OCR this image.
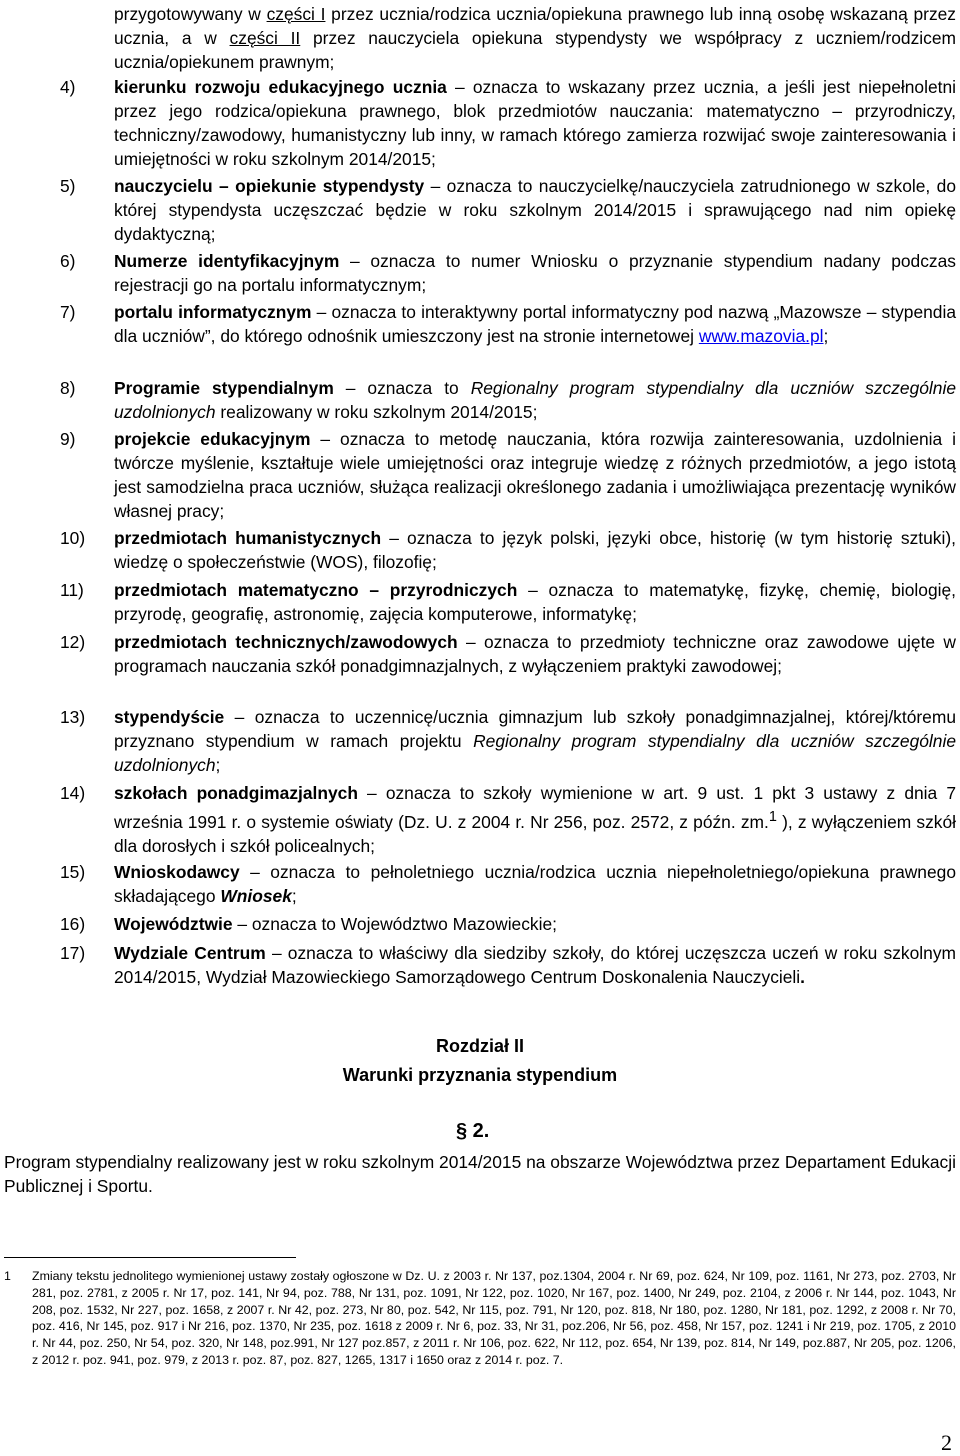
przygotowywany w części I przez ucznia/rodzica ucznia/opiekuna prawnego lub inną osobę wskazaną przez ucznia, a w części II przez nauczyciela opiekuna stypendysty we współpracy z uczniem/rodzicem ucznia/opiekunem prawnym;
4)	kierunku rozwoju edukacyjnego ucznia – oznacza to wskazany przez ucznia, a jeśli jest niepełnoletni przez jego rodzica/opiekuna prawnego, blok przedmiotów nauczania: matematyczno – przyrodniczy, techniczny/zawodowy, humanistyczny lub inny, w ramach którego zamierza rozwijać swoje zainteresowania i umiejętności w roku szkolnym 2014/2015;
5)	nauczycielu – opiekunie stypendysty – oznacza to nauczycielkę/nauczyciela zatrudnionego w szkole, do której stypendysta uczęszczać będzie w roku szkolnym 2014/2015 i sprawującego nad nim opiekę dydaktyczną;
6)	Numerze identyfikacyjnym – oznacza to numer Wniosku o przyznanie stypendium nadany podczas rejestracji go na portalu informatycznym;
7)	portalu informatycznym – oznacza to interaktywny portal informatyczny pod nazwą „Mazowsze – stypendia dla uczniów”, do którego odnośnik umieszczony jest na stronie internetowej www.mazovia.pl;
8)	Programie stypendialnym – oznacza to Regionalny program stypendialny dla uczniów szczególnie uzdolnionych realizowany w roku szkolnym 2014/2015;
9)	projekcie edukacyjnym – oznacza to metodę nauczania, która rozwija zainteresowania, uzdolnienia i twórcze myślenie, kształtuje wiele umiejętności oraz integruje wiedzę z różnych przedmiotów, a jego istotą jest samodzielna praca uczniów, służąca realizacji określonego zadania i umożliwiająca prezentację wyników własnej pracy;
10)	przedmiotach humanistycznych – oznacza to język polski, języki obce, historię (w tym historię sztuki), wiedzę o społeczeństwie (WOS), filozofię;
11)	przedmiotach matematyczno – przyrodniczych – oznacza to matematykę, fizykę, chemię, biologię, przyrodę, geografię, astronomię, zajęcia komputerowe, informatykę;
12)	przedmiotach technicznych/zawodowych – oznacza to przedmioty techniczne oraz zawodowe ujęte w programach nauczania szkół ponadgimnazjalnych, z wyłączeniem praktyki zawodowej;
13)	stypendyście – oznacza to uczennicę/ucznia gimnazjum lub szkoły ponadgimnazjalnej, której/któremu przyznano stypendium w ramach projektu Regionalny program stypendialny dla uczniów szczególnie uzdolnionych;
14)	szkołach ponadgimazjalnych – oznacza to szkoły wymienione w art. 9 ust. 1 pkt 3 ustawy z dnia 7 września 1991 r. o systemie oświaty (Dz. U. z 2004 r. Nr 256, poz. 2572, z późn. zm.$^1$ ), z wyłączeniem szkół dla dorosłych i szkół policealnych;
15)	Wnioskodawcy – oznacza to pełnoletniego ucznia/rodzica ucznia niepełnoletniego/opiekuna prawnego składającego Wniosek;
16)	Województwie – oznacza to Województwo Mazowieckie;
17)	Wydziale Centrum – oznacza to właściwy dla siedziby szkoły, do której uczęszcza uczeń w roku szkolnym 2014/2015, Wydział Mazowieckiego Samorządowego Centrum Doskonalenia Nauczycieli.
Rozdział II
Warunki przyznania stypendium
§ 2.
Program stypendialny realizowany jest w roku szkolnym 2014/2015 na obszarze Województwa przez Departament Edukacji Publicznej i Sportu.
1 Zmiany tekstu jednolitego wymienionej ustawy zostały ogłoszone w Dz. U. z 2003 r. Nr 137, poz.1304, 2004 r. Nr 69, poz. 624, Nr 109, poz. 1161, Nr 273, poz. 2703, Nr 281, poz. 2781, z 2005 r. Nr 17, poz. 141, Nr 94, poz. 788, Nr 131, poz. 1091, Nr 122, poz. 1020, Nr 167, poz. 1400, Nr 249, poz. 2104, z 2006 r. Nr 144, poz. 1043, Nr 208, poz. 1532, Nr 227, poz. 1658, z 2007 r. Nr 42, poz. 273, Nr 80, poz. 542, Nr 115, poz. 791, Nr 120, poz. 818, Nr 180, poz. 1280, Nr 181, poz. 1292, z 2008 r. Nr 70, poz. 416, Nr 145, poz. 917 i Nr 216, poz. 1370, Nr 235, poz. 1618 z 2009 r. Nr 6, poz. 33, Nr 31, poz.206, Nr 56, poz. 458, Nr 157, poz. 1241 i Nr 219, poz. 1705, z 2010 r. Nr 44, poz. 250, Nr 54, poz. 320, Nr 148, poz.991, Nr 127 poz.857, z 2011 r. Nr 106, poz. 622, Nr 112, poz. 654, Nr 139, poz. 814, Nr 149, poz.887, Nr 205, poz. 1206, z 2012 r. poz. 941, poz. 979, z 2013 r. poz. 87, poz. 827, 1265, 1317 i 1650 oraz z 2014 r. poz. 7.
2
